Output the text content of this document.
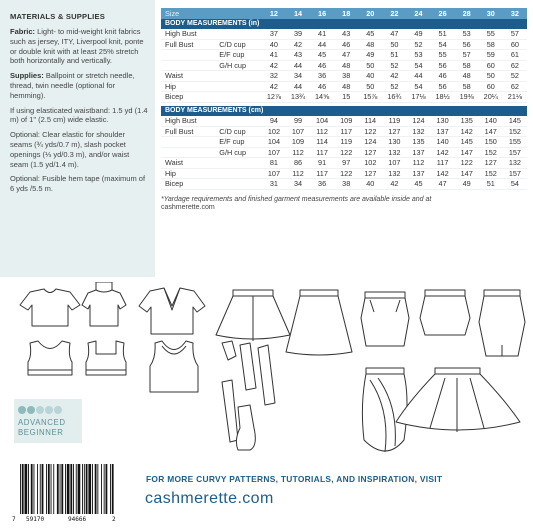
MATERIALS & SUPPLIES

Fabric: Light- to mid-weight knit fabrics such as jersey, ITY, Liverpool knit, ponte or double knit with at least 25% stretch both horizontally and vertically.

Supplies: Ballpoint or stretch needle, thread, twin needle (optional for hemming).

If using elasticated waistband: 1.5 yd (1.4 m) of 1" (2.5 cm) wide elastic.

Optional: Clear elastic for shoulder seams (¾ yds/0.7 m), slash pocket openings (⅓ yd/0.3 m), and/or waist seam (1.5 yd/1.4 m).

Optional: Fusible hem tape (maximum of 6 yds /5.5 m.

Size		12	14	16	18	20	22	24	26	28	30	32
BODY MEASUREMENTS (in)												
High Bust		37	39	41	43	45	47	49	51	53	55	57
Full Bust	C/D cup	40	42	44	46	48	50	52	54	56	58	60
	E/F cup	41	43	45	47	49	51	53	55	57	59	61
	G/H cup	42	44	46	48	50	52	54	56	58	60	62
Waist		32	34	36	38	40	42	44	46	48	50	52
Hip		42	44	46	48	50	52	54	56	58	60	62
Bicep		12⅞	13¾	14⅝	15	15⅞	16¾	17⅛	18½	19⅜	20¼	21⅛

BODY MEASUREMENTS (cm)												
High Bust		94	99	104	109	114	119	124	130	135	140	145
Full Bust	C/D cup	102	107	112	117	122	127	132	137	142	147	152
	E/F cup	104	109	114	119	124	130	135	140	145	150	155
	G/H cup	107	112	117	122	127	132	137	142	147	152	157
Waist		81	86	91	97	102	107	112	117	122	127	132
Hip		107	112	117	122	127	132	137	142	147	152	157
Bicep		31	34	36	38	40	42	45	47	49	51	54
*Yardage requirements and finished garment measurements are available inside and at
cashmerette.com
ADVANCED
BEGINNER
7 59170	94666	2
FOR MORE CURVY PATTERNS, TUTORIALS, AND INSPIRATION, VISIT
cashmerette.com
